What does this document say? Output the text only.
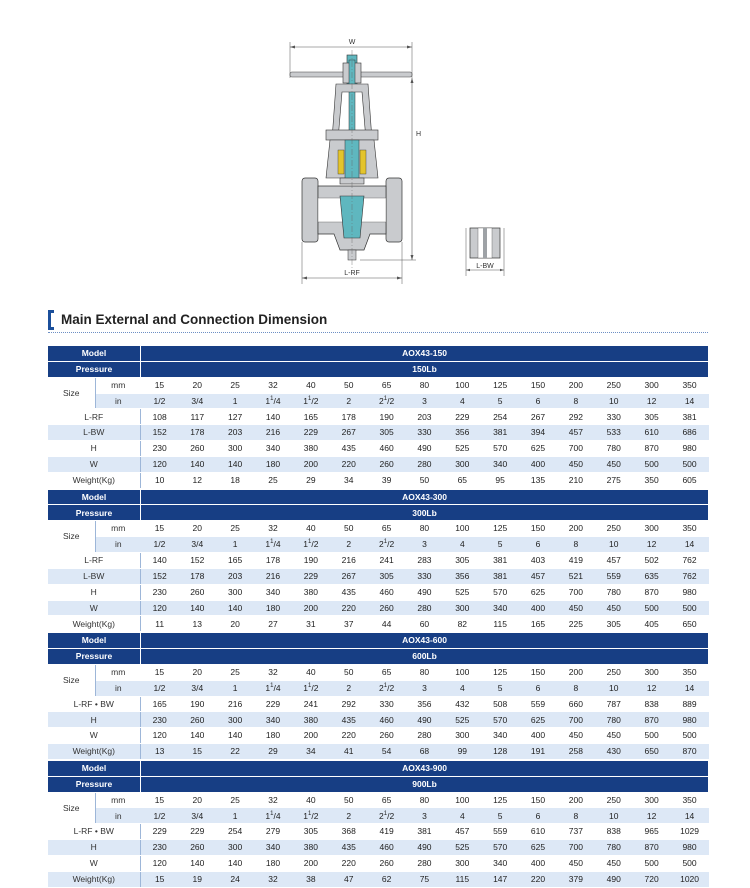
W
H
L-RF
L-BW
Main External and Connection Dimension
Model		AOX43-150														
Pressure		150Lb														
Size	mm	15	20	25	32	40	50	65	80	100	125	150	200	250	300	350
	in	1/2	3/4	1	$1^1/4$	$1^1/2$	2	$2^1/2$	3	4	5	6	8	10	12	14
L-RF		108	117	127	140	165	178	190	203	229	254	267	292	330	305	381
L-BW		152	178	203	216	229	267	305	330	356	381	394	457	533	610	686
H		230	260	300	340	380	435	460	490	525	570	625	700	780	870	980
W		120	140	140	180	200	220	260	280	300	340	400	450	450	500	500
Weight(Kg)		10	12	18	25	29	34	39	50	65	95	135	210	275	350	605
Model		AOX43-300														
Pressure		300Lb														
Size	mm	15	20	25	32	40	50	65	80	100	125	150	200	250	300	350
	in	1/2	3/4	1	$1^1/4$	$1^1/2$	2	$2^1/2$	3	4	5	6	8	10	12	14
L-RF		140	152	165	178	190	216	241	283	305	381	403	419	457	502	762
L-BW		152	178	203	216	229	267	305	330	356	381	457	521	559	635	762
H		230	260	300	340	380	435	460	490	525	570	625	700	780	870	980
W		120	140	140	180	200	220	260	280	300	340	400	450	450	500	500
Weight(Kg)		11	13	20	27	31	37	44	60	82	115	165	225	305	405	650
Model		AOX43-600														
Pressure		600Lb														
Size	mm	15	20	25	32	40	50	65	80	100	125	150	200	250	300	350
	in	1/2	3/4	1	$1^1/4$	$1^1/2$	2	$2^1/2$	3	4	5	6	8	10	12	14
L-RF • BW		165	190	216	229	241	292	330	356	432	508	559	660	787	838	889
H		230	260	300	340	380	435	460	490	525	570	625	700	780	870	980
W		120	140	140	180	200	220	260	280	300	340	400	450	450	500	500
Weight(Kg)		13	15	22	29	34	41	54	68	99	128	191	258	430	650	870
Model		AOX43-900														
Pressure		900Lb														
Size	mm	15	20	25	32	40	50	65	80	100	125	150	200	250	300	350
	in	1/2	3/4	1	$1^1/4$	$1^1/2$	2	$2^1/2$	3	4	5	6	8	10	12	14
L-RF • BW		229	229	254	279	305	368	419	381	457	559	610	737	838	965	1029
H		230	260	300	340	380	435	460	490	525	570	625	700	780	870	980
W		120	140	140	180	200	220	260	280	300	340	400	450	450	500	500
Weight(Kg)		15	19	24	32	38	47	62	75	115	147	220	379	490	720	1020
